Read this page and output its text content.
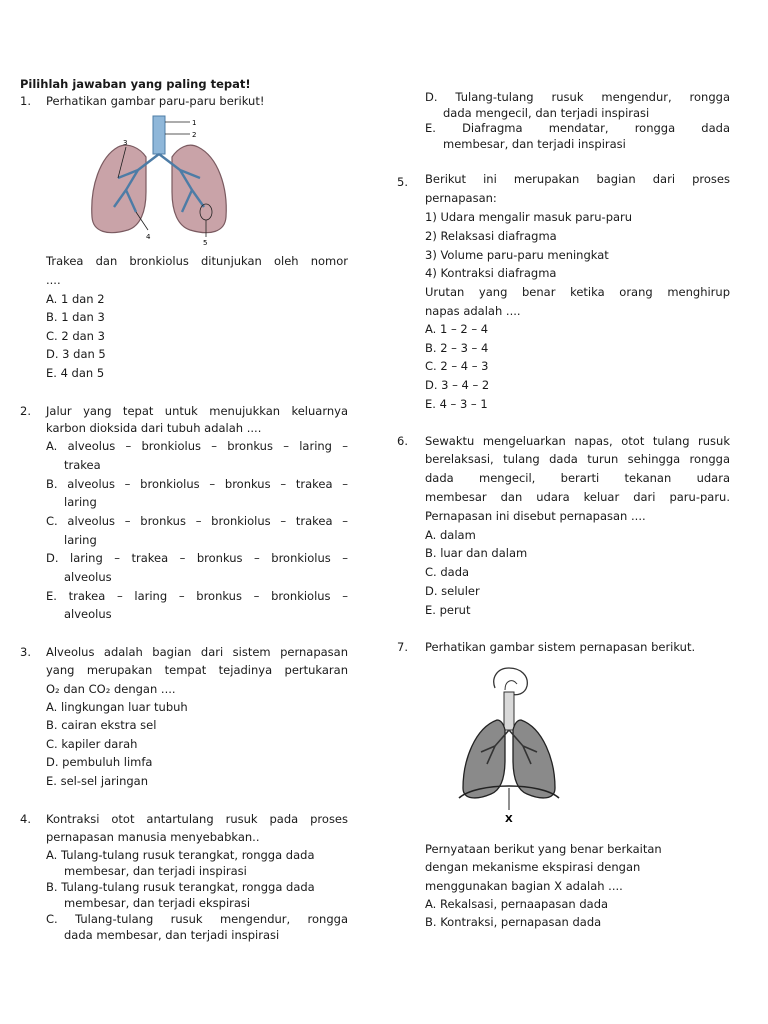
Pilihlah jawaban yang paling tepat!
1. Perhatikan gambar paru-paru berikut!
1
2
3
4
5
Trakea dan bronkiolus ditunjukan oleh nomor
....
A. 1 dan 2
B. 1 dan 3
C. 2 dan 3
D. 3 dan 5
E. 4 dan 5
2. Jalur yang tepat untuk menujukkan keluarnya
karbon dioksida dari tubuh adalah ....
A. alveolus – bronkiolus – bronkus – laring –
trakea
B. alveolus – bronkiolus – bronkus – trakea –
laring
C. alveolus – bronkus – bronkiolus – trakea –
laring
D. laring – trakea – bronkus – bronkiolus –
alveolus
E. trakea – laring – bronkus – bronkiolus –
alveolus
3. Alveolus adalah bagian dari sistem pernapasan
yang merupakan tempat tejadinya pertukaran
O₂ dan CO₂ dengan ....
A. lingkungan luar tubuh
B. cairan ekstra sel
C. kapiler darah
D. pembuluh limfa
E. sel-sel jaringan
4. Kontraksi otot antartulang rusuk pada proses
pernapasan manusia menyebabkan..
A. Tulang-tulang rusuk terangkat, rongga dada
membesar, dan terjadi inspirasi
B. Tulang-tulang rusuk terangkat, rongga dada
membesar, dan terjadi ekspirasi
C. Tulang-tulang rusuk mengendur, rongga
dada membesar, dan terjadi inspirasi
D. Tulang-tulang rusuk mengendur, rongga
dada mengecil, dan terjadi inspirasi
E. Diafragma mendatar, rongga dada
membesar, dan terjadi inspirasi
5. Berikut ini merupakan bagian dari proses
pernapasan:
1) Udara mengalir masuk paru-paru
2) Relaksasi diafragma
3) Volume paru-paru meningkat
4) Kontraksi diafragma
Urutan yang benar ketika orang menghirup
napas adalah ....
A. 1 – 2 – 4
B. 2 – 3 – 4
C. 2 – 4 – 3
D. 3 – 4 – 2
E. 4 – 3 – 1
6. Sewaktu mengeluarkan napas, otot tulang rusuk
berelaksasi, tulang dada turun sehingga rongga
dada mengecil, berarti tekanan udara
membesar dan udara keluar dari paru-paru.
Pernapasan ini disebut pernapasan ....
A. dalam
B. luar dan dalam
C. dada
D. seluler
E. perut
7. Perhatikan gambar sistem pernapasan berikut.
X
Pernyataan berikut yang benar berkaitan
dengan mekanisme ekspirasi dengan
menggunakan bagian X adalah ....
A. Rekalsasi, pernaapasan dada
B. Kontraksi, pernapasan dada
